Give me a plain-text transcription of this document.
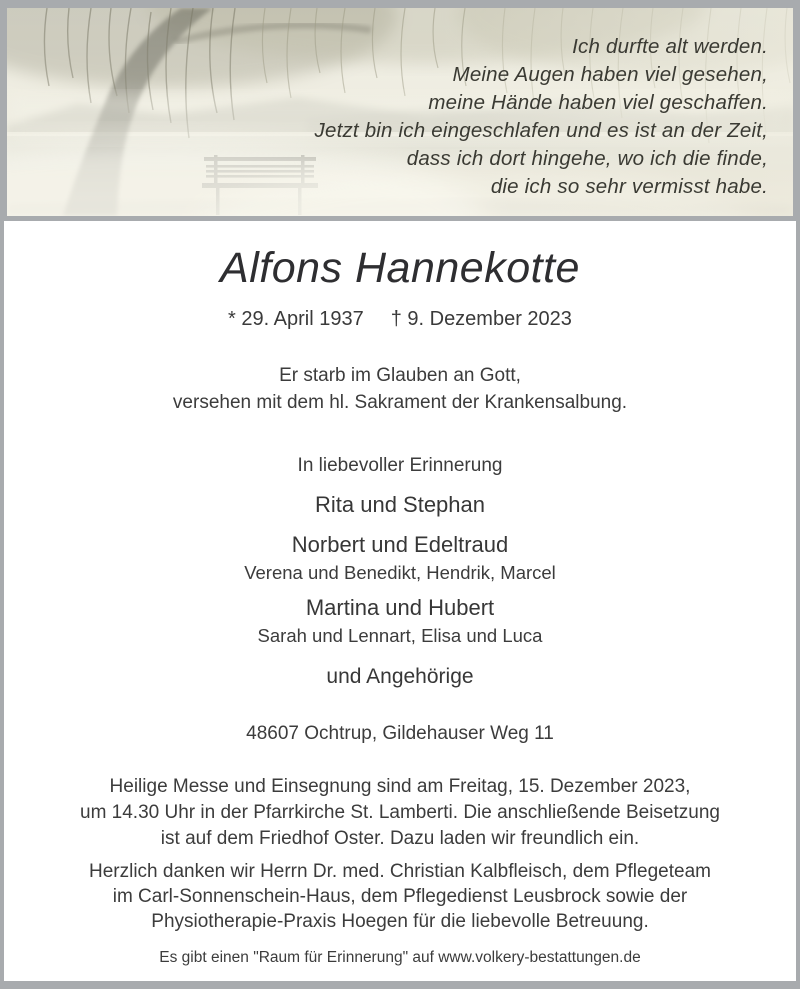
Ich durfte alt werden.
Meine Augen haben viel gesehen,
meine Hände haben viel geschaffen.
Jetzt bin ich eingeschlafen und es ist an der Zeit,
dass ich dort hingehe, wo ich die finde,
die ich so sehr vermisst habe.
Alfons Hannekotte
* 29. April 1937 † 9. Dezember 2023
Er starb im Glauben an Gott,
versehen mit dem hl. Sakrament der Krankensalbung.
In liebevoller Erinnerung
Rita und Stephan
Norbert und Edeltraud
Verena und Benedikt, Hendrik, Marcel
Martina und Hubert
Sarah und Lennart, Elisa und Luca
und Angehörige
48607 Ochtrup, Gildehauser Weg 11
Heilige Messe und Einsegnung sind am Freitag, 15. Dezember 2023,
um 14.30 Uhr in der Pfarrkirche St. Lamberti. Die anschließende Beisetzung
ist auf dem Friedhof Oster. Dazu laden wir freundlich ein.
Herzlich danken wir Herrn Dr. med. Christian Kalbfleisch, dem Pflegeteam
im Carl-Sonnenschein-Haus, dem Pflegedienst Leusbrock sowie der
Physiotherapie-Praxis Hoegen für die liebevolle Betreuung.
Es gibt einen "Raum für Erinnerung" auf www.volkery-bestattungen.de
